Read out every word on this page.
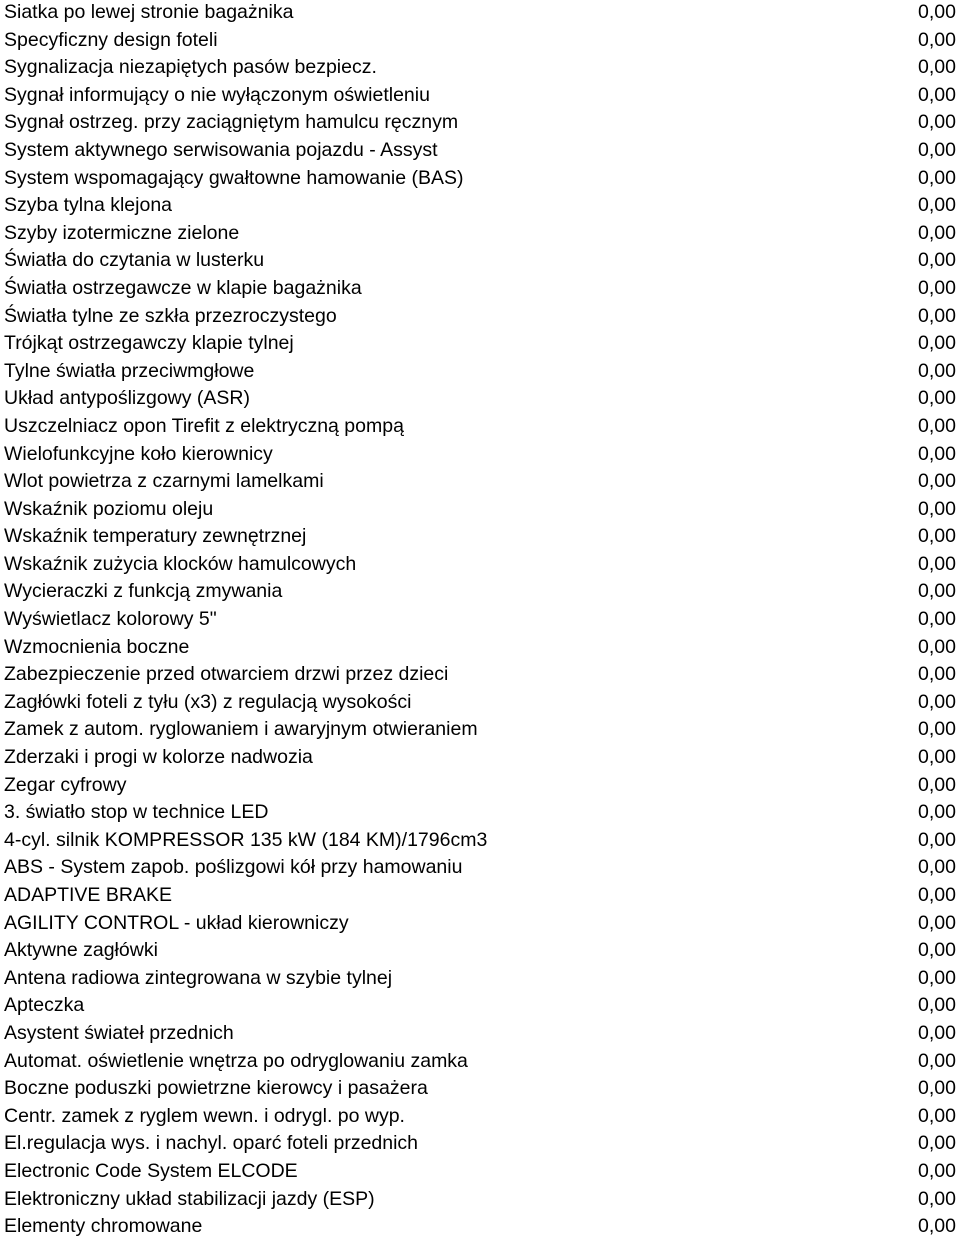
Siatka po lewej stronie bagażnika	0,00
Specyficzny design foteli	0,00
Sygnalizacja niezapiętych pasów bezpiecz.	0,00
Sygnał informujący o nie wyłączonym oświetleniu	0,00
Sygnał ostrzeg. przy zaciągniętym hamulcu ręcznym	0,00
System aktywnego serwisowania pojazdu - Assyst	0,00
System wspomagający gwałtowne hamowanie (BAS)	0,00
Szyba tylna klejona	0,00
Szyby izotermiczne zielone	0,00
Światła do czytania w lusterku	0,00
Światła ostrzegawcze w klapie bagażnika	0,00
Światła tylne ze szkła przezroczystego	0,00
Trójkąt ostrzegawczy klapie tylnej	0,00
Tylne światła przeciwmgłowe	0,00
Układ antypoślizgowy (ASR)	0,00
Uszczelniacz opon Tirefit z elektryczną pompą	0,00
Wielofunkcyjne koło kierownicy	0,00
Wlot powietrza z czarnymi lamelkami	0,00
Wskaźnik poziomu oleju	0,00
Wskaźnik temperatury zewnętrznej	0,00
Wskaźnik zużycia klocków hamulcowych	0,00
Wycieraczki z funkcją zmywania	0,00
Wyświetlacz kolorowy 5"	0,00
Wzmocnienia boczne	0,00
Zabezpieczenie przed otwarciem drzwi przez dzieci	0,00
Zagłówki foteli z tyłu (x3) z regulacją wysokości	0,00
Zamek z autom. ryglowaniem i awaryjnym otwieraniem	0,00
Zderzaki i progi w kolorze nadwozia	0,00
Zegar cyfrowy	0,00
3. światło stop w technice LED	0,00
4-cyl. silnik KOMPRESSOR 135 kW (184 KM)/1796cm3	0,00
ABS - System zapob. poślizgowi kół przy hamowaniu	0,00
ADAPTIVE BRAKE	0,00
AGILITY CONTROL - układ kierowniczy	0,00
Aktywne zagłówki	0,00
Antena radiowa zintegrowana w szybie tylnej	0,00
Apteczka	0,00
Asystent świateł przednich	0,00
Automat. oświetlenie wnętrza po odryglowaniu zamka	0,00
Boczne poduszki powietrzne kierowcy i pasażera	0,00
Centr. zamek z ryglem wewn. i odrygl. po wyp.	0,00
El.regulacja wys. i nachyl. oparć foteli przednich	0,00
Electronic Code System ELCODE	0,00
Elektroniczny układ stabilizacji jazdy (ESP)	0,00
Elementy chromowane	0,00
